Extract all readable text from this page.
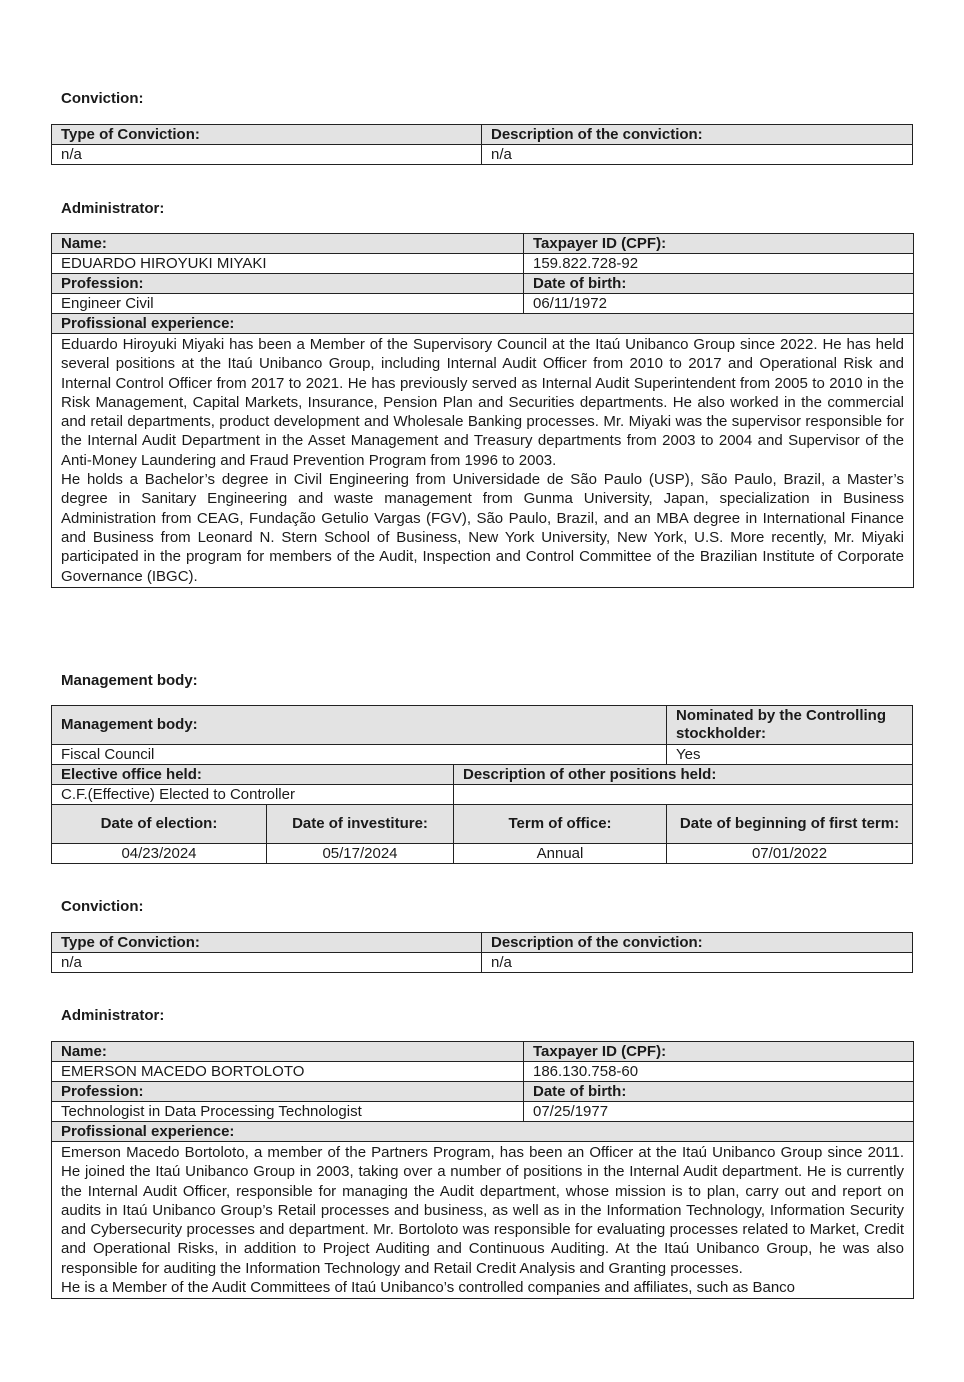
Conviction:
Type of Conviction:	Description of the conviction:
n/a	n/a
Administrator:
Name:	Taxpayer ID (CPF):
EDUARDO HIROYUKI MIYAKI	159.822.728-92
Profession:	Date of birth:
Engineer Civil	06/11/1972
Profissional experience:	

Eduardo Hiroyuki Miyaki has been a Member of the Supervisory Council at the Itaú Unibanco Group since 2022. He has held several positions at the Itaú Unibanco Group, including Internal Audit Officer from 2010 to 2017 and Operational Risk and Internal Control Officer from 2017 to 2021. He has previously served as Internal Audit Superintendent from 2005 to 2010 in the Risk Management, Capital Markets, Insurance, Pension Plan and Securities departments. He also worked in the commercial and retail departments, product development and Wholesale Banking processes. Mr. Miyaki was the supervisor responsible for the Internal Audit Department in the Asset Management and Treasury departments from 2003 to 2004 and Supervisor of the Anti-Money Laundering and Fraud Prevention Program from 1996 to 2003.

He holds a Bachelor’s degree in Civil Engineering from Universidade de São Paulo (USP), São Paulo, Brazil, a Master’s degree in Sanitary Engineering and waste management from Gunma University, Japan, specialization in Business Administration from CEAG, Fundação Getulio Vargas (FGV), São Paulo, Brazil, and an MBA degree in International Finance and Business from Leonard N. Stern School of Business, New York University, New York, U.S. More recently, Mr. Miyaki participated in the program for members of the Audit, Inspection and Control Committee of the Brazilian Institute of Corporate Governance (IBGC).	

Management body:
Management body:			Nominated by the Controlling stockholder:
Fiscal Council			Yes
Elective office held:		Description of other positions held:	
C.F.(Effective) Elected to Controller			
Date of election:	Date of investiture:	Term of office:	Date of beginning of first term:
04/23/2024	05/17/2024	Annual	07/01/2022
Conviction:
Type of Conviction:	Description of the conviction:
n/a	n/a
Administrator:
Name:	Taxpayer ID (CPF):
EMERSON MACEDO BORTOLOTO	186.130.758-60
Profession:	Date of birth:
Technologist in Data Processing Technologist	07/25/1977
Profissional experience:	

Emerson Macedo Bortoloto, a member of the Partners Program, has been an Officer at the Itaú Unibanco Group since 2011. He joined the Itaú Unibanco Group in 2003, taking over a number of positions in the Internal Audit department. He is currently the Internal Audit Officer, responsible for managing the Audit department, whose mission is to plan, carry out and report on audits in Itaú Unibanco Group’s Retail processes and business, as well as in the Information Technology, Information Security and Cybersecurity processes and department. Mr. Bortoloto was responsible for evaluating processes related to Market, Credit and Operational Risks, in addition to Project Auditing and Continuous Auditing. At the Itaú Unibanco Group, he was also responsible for auditing the Information Technology and Retail Credit Analysis and Granting processes.

He is a Member of the Audit Committees of Itaú Unibanco’s controlled companies and affiliates, such as Banco	
